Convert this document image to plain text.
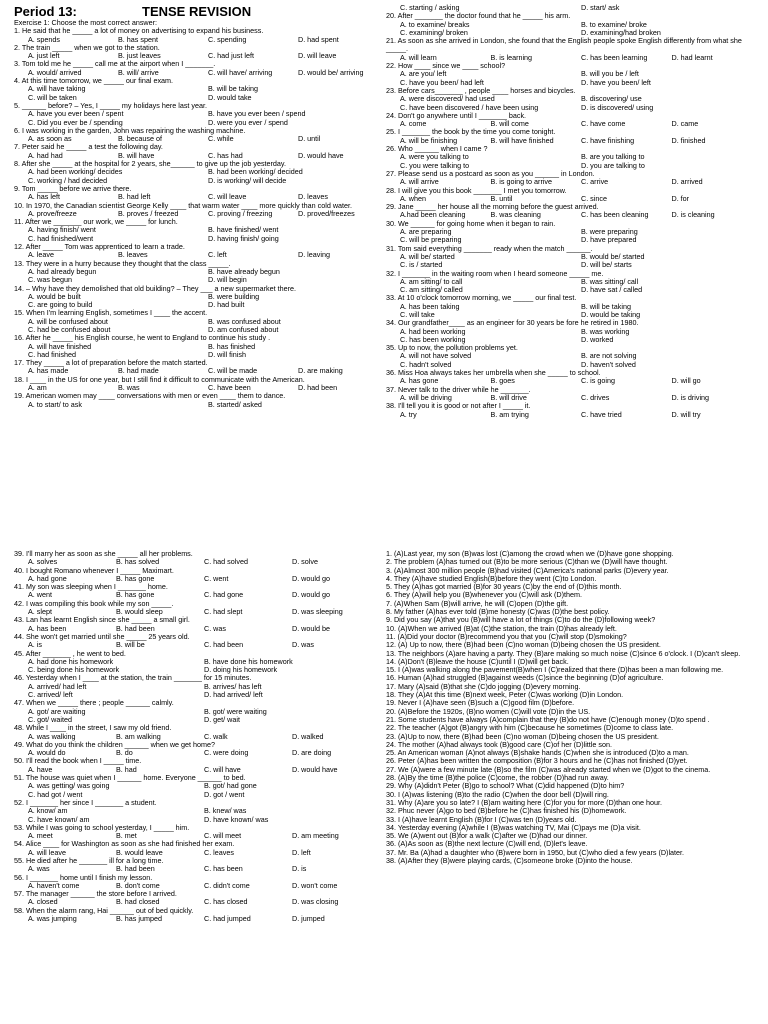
Period 13:	TENSE REVISION
Exercise 1: Choose the most correct answer:
1. He said that he _____ a lot of money on advertising to expand his business.
A. spends	B. has spent	C. spending	D. had spent
2. The train _____ when we got to the station.
A. just left	B. just leaves	C. had just left	D. will leave
3. Tom told me he _____ call me at the airport when I _______.
A. would/ arrived	B. will/ arrive	C. will have/ arriving	D. would be/ arriving
4. At this time tomorrow, we _____ our final exam.
A. will have taking	B. will be taking
C. will be taken	D. would take
5. ______ before? – Yes, I _____ my holidays here last year.
A. have you ever been / spent	B. have you ever been / spend
C. Did you ever be / spending	D. were you ever / spend
6. I was working in the garden, John was repairing the washing machine.
A. as soon as	B. because of	C. while	D. until
7. Peter said he _____ a test the following day.
A. had had	B. will have	C. has had	D. would have
8. After she _____ at the hospital for 2 years, she______ to give up the job yesterday.
A. had been working/ decides	B. had been working/ decided
C. working / had decided	D. is working/ will decide
9. Tom _____ before we arrive there.
A. has left	B. had left	C. will leave	D. leaves
10. In 1970, the Canadian scientist George Kelly ____ that warm water ____ more quickly than cold water.
A. prove/freeze	B. proves / freezed	C. proving / freezing	D. proved/freezes
11. After we _______ our work, we _____ for lunch.
A. having finish/ went	B. have finished/ went
C. had finished/went	D. having finish/ going
12. After _____ Tom was apprenticed to learn a trade.
A. leave	B. leaves	C. left	D. leaving
13. They were in a hurry because they thought that the class _____.
A. had already begun	B. have already begun
C. was begun	D. will begin
14. – Why have they demolished that old building? – They ___ a new supermarket there.
A. would be built	B. were building
C. are going to build	D. had built
15. When I'm learning English, sometimes I ____ the accent.
A. will be confused about	B. was confused about
C. had be confused about	D. am confused about
16. After he _____ his English course, he went to England to continue his study .
A. will have finished	B. has finished
C. had finished	D. will finish
17. They _____ a lot of preparation before the match started.
A. has made	B. had made	C. will be made	D. are making
18. I ____ in the US for one year, but I still find it difficult to communicate with the American.
A. am	B. was	C. have been	D. had been
19. American women may ____ conversations with men or even ____ them to dance.
A. to start/ to ask	B. started/ asked
C. starting / asking	D. start/ ask
20. After _______ the doctor found that he _____ his arm.
A. to examine/ breaks	B. to examine/ broke
C. examining/ broken	D. examining/had broken
21. As soon as she arrived in London, she found that the English people spoke English differently from what she _____.
A. will learn	B. is learning	C. has been learning	D. had learnt
22. How ____ since we ____ school?
A. are you/ left	B. will you be / left
C. have you been/ had left	D. have you been/ left
23. Before cars_______ , people ____ horses and bicycles.
A. were discovered/ had used	B. discovering/ use
C. have been discovered / have been using	D. is discovered/ using
24. Don't go anywhere until I _______ back.
A. come	B. will come	C. have come	D. came
25. I _______ the book by the time you come tonight.
A. will be finishing	B. will have finished	C. have finishing	D. finished
26. Who ______ when I came ?
A. were you talking to	B. are you talking to
C. you were talking to	D. you are talking to
27. Please send us a postcard as soon as you ______ in London.
A. will arrive	B. is going to arrive	C. arrive	D. arrived
28. I will give you this book _______ I met you tomorrow.
A. when	B. until	C. since	D. for
29. Jane _____ her house all the morning before the guest arrived.
A.had been cleaning	B. was cleaning	C. has been cleaning	D. is cleaning
30. We ______ for going home when it began to rain.
A. are preparing	B. were preparing
C. will be preparing	D. have prepared
31. Tom said everything _______ ready when the match ______.
A. will be/ started	B. would be/ started
C. is / started	D. will be/ starts
32. I _______ in the waiting room when I heard someone _____ me.
A. am sitting/ to call	B. was sitting/ call
C. am sitting/ called	D. have sat / called
33. At 10 o'clock tomorrow morning, we _____ our final test.
A. has been taking	B. will be taking
C. will take	D. would be taking
34. Our grandfather____ as an engineer for 30 years be fore he retired in 1980.
A. had been working	B. was working
C. has been working	D. worked
35. Up to now, the pollution problems yet.
A. will not have solved	B. are not solving
C. hadn't solved	D. haven't solved
36. Miss Hoa always takes her umbrella when she _____ to school.
A. has gone	B. goes	C. is going	D. will go
37. Never talk to the driver while he _______.
A. will be driving	B. will drive	C. drives	D. is driving
38. I'll tell you it is good or not after I _____ it.
A. try	B. am trying	C. have tried	D. will try
39. I'll marry her as soon as she _____ all her problems.
A. solves	B. has solved	C. had solved	D. solve
40. I bought Romano whenever I _____ Maximart.
A. had gone	B. has gone	C. went	D. would go
41. My son was sleeping when I _______ home.
A. went	B. has gone	C. had gone	D. would go
42. I was compiling this book while my son _____.
A. slept	B. would sleep	C. had slept	D. was sleeping
43. Lan has learnt English since she _____ a small girl.
A. has been	B. had been	C. was	D. would be
44. She won't get married until she _____ 25 years old.
A. is	B. will be	C. had been	D. was
45. After _______ , he went to bed.
A. had done his homework	B. have done his homework
C. being done his homework	D. doing his homework
46. Yesterday when I ____ at the station, the train _______ for 15 minutes.
A. arrived/ had left	B. arrives/ has left
C. arrived/ left	D. had arrived/ left
47. When we _____ there ; people ______ calmly.
A. got/ are waiting	B. got/ were waiting
C. got/ waited	D. get/ wait
48. While I ____ in the street, I saw my old friend.
A. was walking	B. am walking	C. walk	D. walked
49. What do you think the children ______ when we get home?
A. would do	B. do	C. were doing	D. are doing
50. I'll read the book when I _____ time.
A. have	B. had	C. will have	D. would have
51. The house was quiet when I ______ home. Everyone ______ to bed.
A. was getting/ was going	B. got/ had gone
C. had got / went	D. got / went
52. I _______ her since I _______ a student.
A. know/ am	B. knew/ was
C. have known/ am	D. have known/ was
53. While I was going to school yesterday, I _____ him.
A. meet	B. met	C. will meet	D. am meeting
54. Alice ____ for Washington as soon as she had finished her exam.
A. will leave	B. would leave	C. leaves	D. left
55. He died after he _______ ill for a long time.
A. was	B. had been	C. has been	D. is
56. I _______ home until I finish my lesson.
A. haven't come	B. don't come	C. didn't come	D. won't come
57. The manager ______ the store before I arrived.
A. closed	B. had closed	C. has closed	D. was closing
58. When the alarm rang, Hai ______ out of bed quickly.
A. was jumping	B. has jumped	C. had jumped	D. jumped
1. (A)Last year, my son (B)was lost (C)among the crowd when we (D)have gone shopping.
2. The problem (A)has turned out (B)to be more serious (C)than we (D)will have thought.
3. (A)Almost 300 million people (B)had visited (C)America's national parks (D)every year.
4. They (A)have studied English(B)before they went (C)to London.
5. They (A)has got married (B)for 30 years (C)by the end of (D)this month.
6. They (A)will help you (B)whenever you (C)will ask (D)them.
7. (A)When Sam (B)will arrive, he will (C)open (D)the gift.
8. My father (A)has ever told (B)me honesty (C)was (D)the best policy.
9. Did you say (A)that you (B)will have a lot of things (C)to do the (D)following week?
10. (A)When we arrived (B)at (C)the station, the train (D)has already left.
11. (A)Did your doctor (B)recommend you that you (C)will stop (D)smoking?
12. (A) Up to now, there (B)had been (C)no woman (D)being chosen the US president.
13. The neighbors (A)are having a party. They (B)are making so much noise (C)since 6 o'clock. I (D)can't sleep.
14. (A)Don't (B)leave the house (C)until I (D)will get back.
15. I (A)was walking along the pavement(B)when I (C)realized that there (D)has been a man following me.
16. Human (A)had struggled (B)against weeds (C)since the beginning (D)of agriculture.
17. Mary (A)said (B)that she (C)do jogging (D)every morning.
18. They (A)At this time (B)next week, Peter (C)was working (D)in London.
19. Never I (A)have seen (B)such a (C)good film (D)before.
20. (A)Before the 1920s, (B)no women (C)will vote (D)in the US.
21. Some students have always (A)complain that they (B)do not have (C)enough money (D)to spend .
22. The teacher (A)got (B)angry with him (C)because he sometimes (D)come to class late.
23. (A)Up to now, there (B)had been (C)no woman (D)being chosen the US president.
24. The mother (A)had always took (B)good care (C)of her (D)little son.
25. An American woman (A)not always (B)shake hands (C)when she is introduced (D)to a man.
26. Peter (A)has been written the composition (B)for 3 hours and he (C)has not finished (D)yet.
27. We (A)were a few minute late (B)so the film (C)was already started when we (D)got to the cinema.
28. (A)By the time (B)the police (C)come, the robber (D)had run away.
29. Why (A)didn't Peter (B)go to school? What (C)did happened (D)to him?
30. I (A)was listening (B)to the radio (C)when the door bell (D)will ring.
31. Why (A)are you so late? I (B)am waiting here (C)for you for more (D)than one hour.
32. Phuc never (A)go to bed (B)before he (C)has finished his (D)homework.
33. I (A)have learnt English (B)for I (C)was ten (D)years old.
34. Yesterday evening (A)while I (B)was watching TV, Mai (C)pays me (D)a visit.
35. We (A)went out (B)for a walk (C)after we (D)had our dinner.
36. (A)As soon as (B)the next lecture (C)will end, (D)let's leave.
37. Mr. Ba (A)had a daughter who (B)were born in 1950, but (C)who died a few years (D)later.
38. (A)After they (B)were playing cards, (C)someone broke (D)into the house.
